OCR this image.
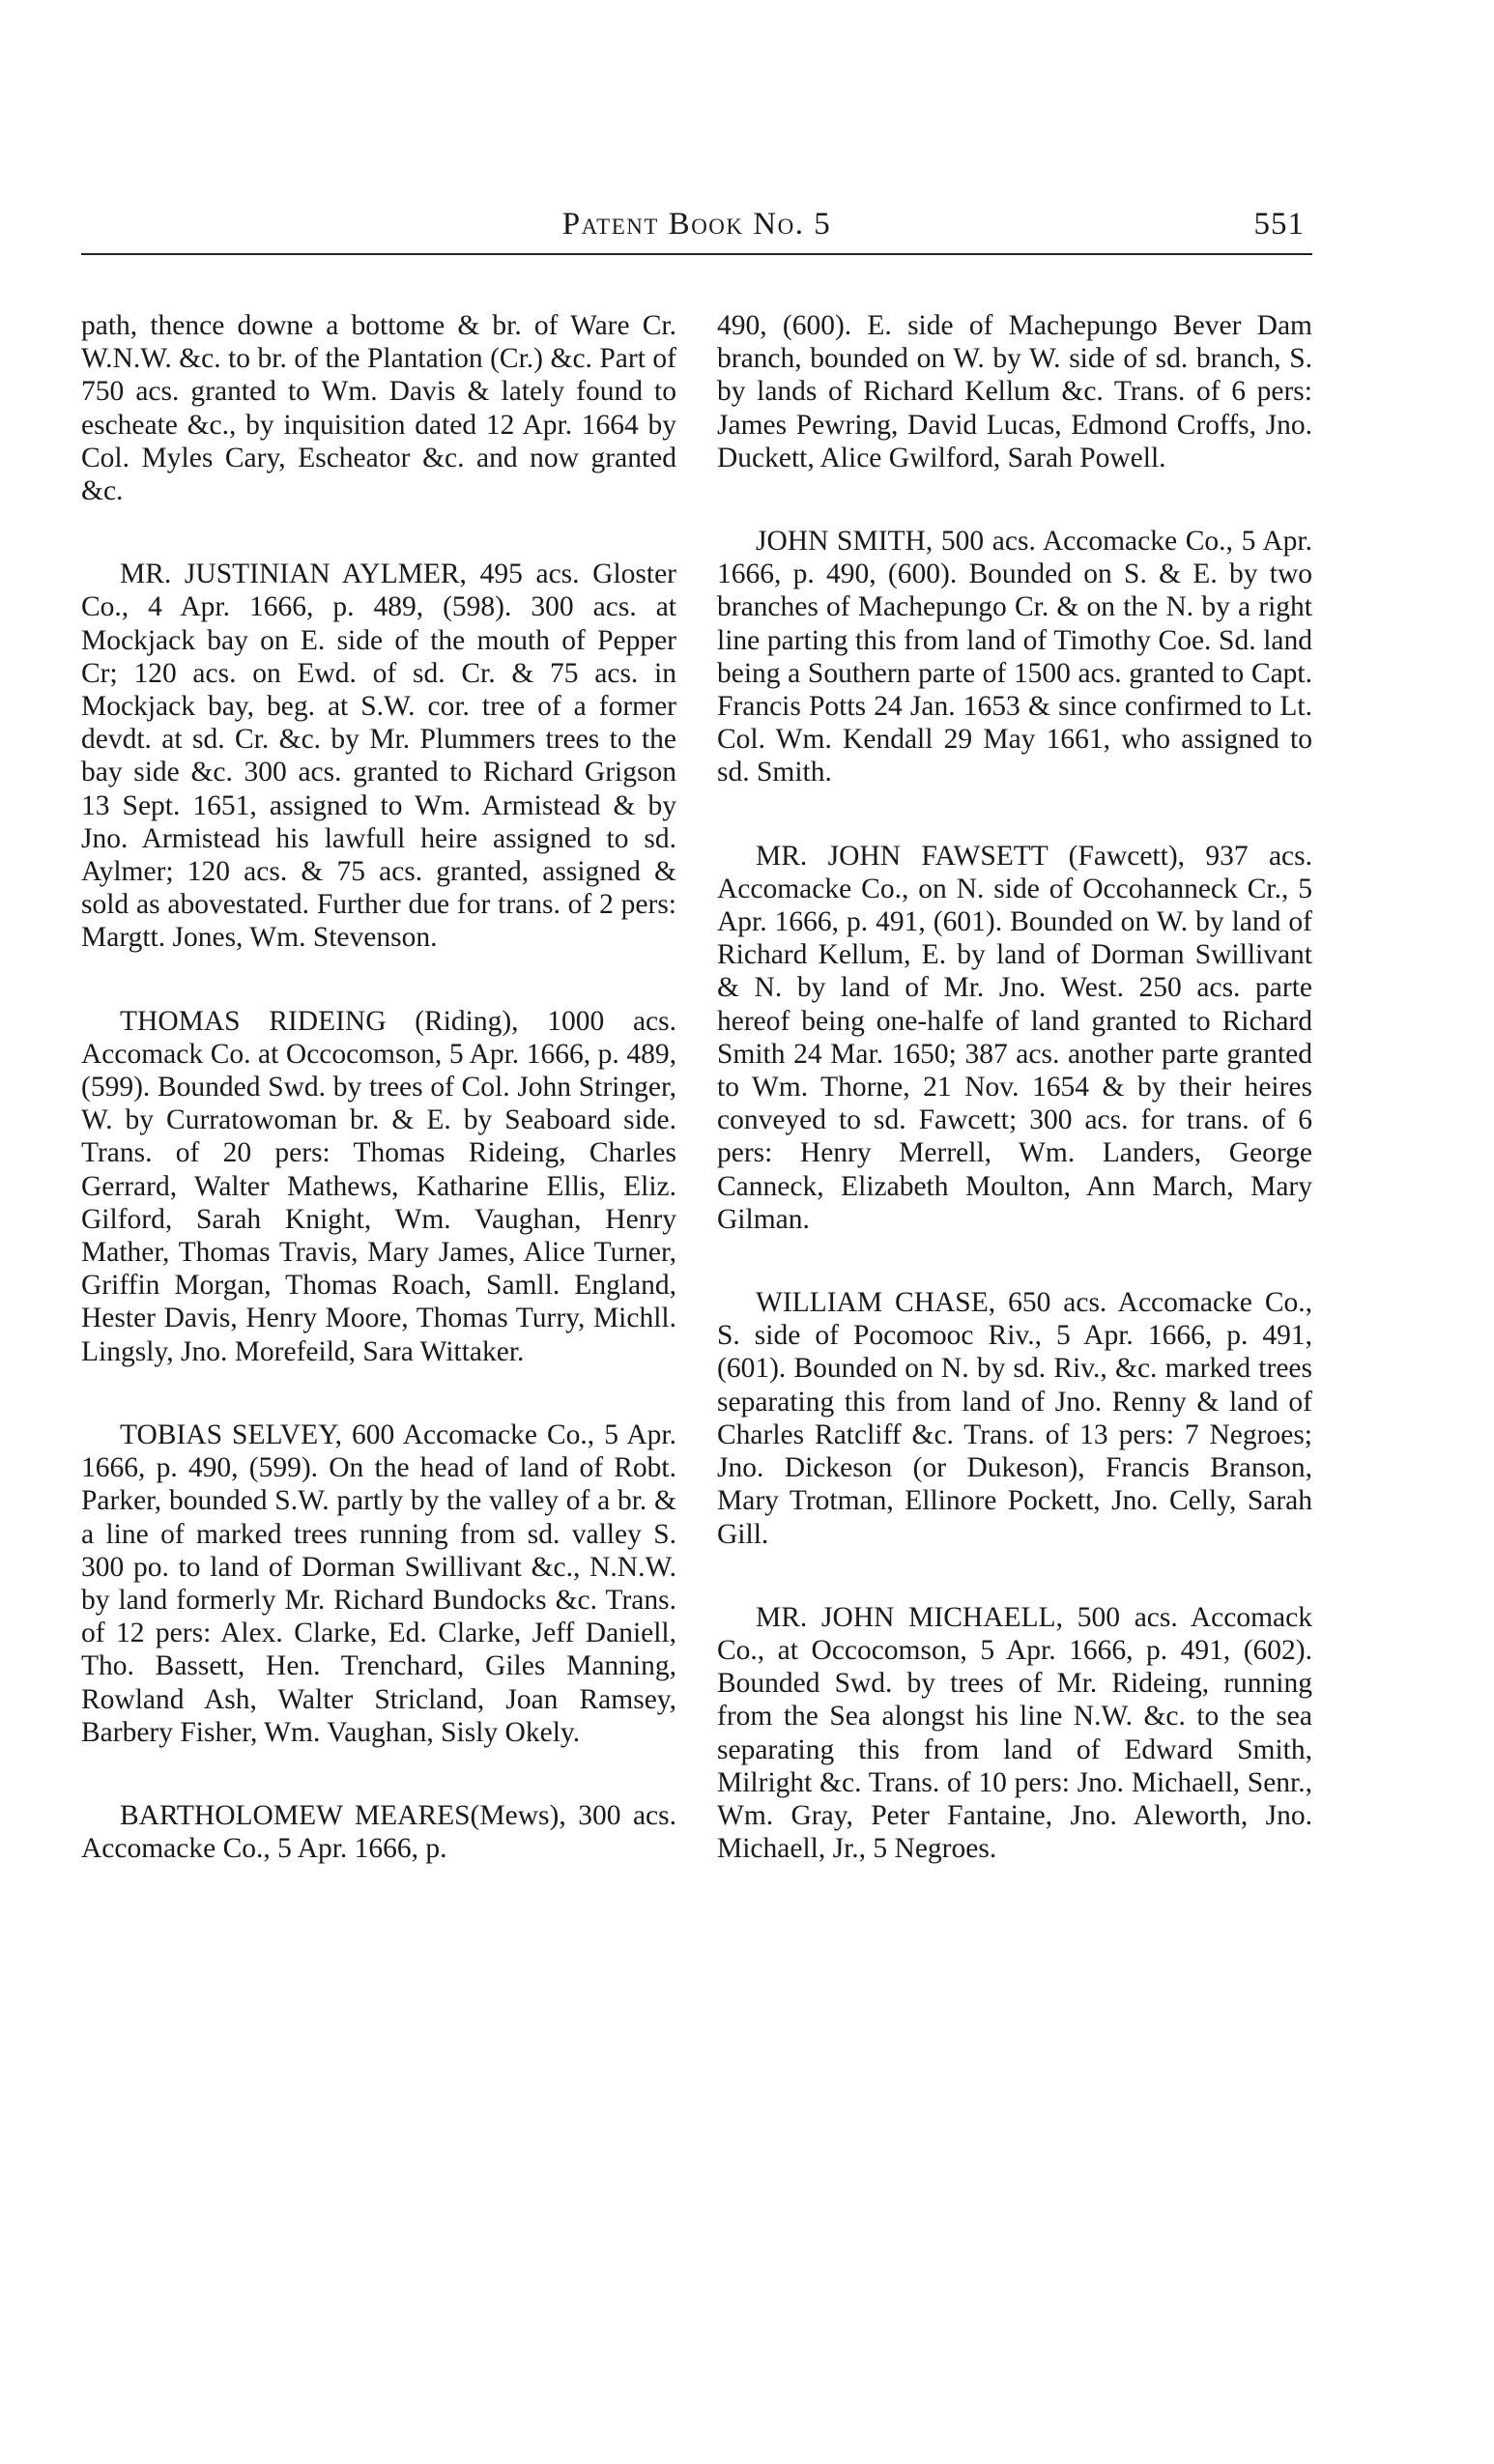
Patent Book No. 5	551

path, thence downe a bottome & br. of Ware Cr. W.N.W. &c. to br. of the Plantation (Cr.) &c. Part of 750 acs. granted to Wm. Davis & lately found to escheate &c., by inquisition dated 12 Apr. 1664 by Col. Myles Cary, Escheator &c. and now granted &c.

MR. JUSTINIAN AYLMER, 495 acs. Gloster Co., 4 Apr. 1666, p. 489, (598). 300 acs. at Mockjack bay on E. side of the mouth of Pepper Cr; 120 acs. on Ewd. of sd. Cr. & 75 acs. in Mockjack bay, beg. at S.W. cor. tree of a former devdt. at sd. Cr. &c. by Mr. Plummers trees to the bay side &c. 300 acs. granted to Richard Grigson 13 Sept. 1651, assigned to Wm. Armistead & by Jno. Armistead his lawfull heire assigned to sd. Aylmer; 120 acs. & 75 acs. granted, assigned & sold as abovestated. Further due for trans. of 2 pers: Margtt. Jones, Wm. Stevenson.

THOMAS RIDEING (Riding), 1000 acs. Accomack Co. at Occocomson, 5 Apr. 1666, p. 489, (599). Bounded Swd. by trees of Col. John Stringer, W. by Curratowoman br. & E. by Seaboard side. Trans. of 20 pers: Thomas Rideing, Charles Gerrard, Walter Mathews, Katharine Ellis, Eliz. Gilford, Sarah Knight, Wm. Vaughan, Henry Mather, Thomas Travis, Mary James, Alice Turner, Griffin Morgan, Thomas Roach, Samll. England, Hester Davis, Henry Moore, Thomas Turry, Michll. Lingsly, Jno. Morefeild, Sara Wittaker.

TOBIAS SELVEY, 600 Accomacke Co., 5 Apr. 1666, p. 490, (599). On the head of land of Robt. Parker, bounded S.W. partly by the valley of a br. & a line of marked trees running from sd. valley S. 300 po. to land of Dorman Swillivant &c., N.N.W. by land formerly Mr. Richard Bundocks &c. Trans. of 12 pers: Alex. Clarke, Ed. Clarke, Jeff Daniell, Tho. Bassett, Hen. Trenchard, Giles Manning, Rowland Ash, Walter Stricland, Joan Ramsey, Barbery Fisher, Wm. Vaughan, Sisly Okely.

BARTHOLOMEW MEARES(Mews), 300 acs. Accomacke Co., 5 Apr. 1666, p.

490, (600). E. side of Machepungo Bever Dam branch, bounded on W. by W. side of sd. branch, S. by lands of Richard Kellum &c. Trans. of 6 pers: James Pewring, David Lucas, Edmond Croffs, Jno. Duckett, Alice Gwilford, Sarah Powell.

JOHN SMITH, 500 acs. Accomacke Co., 5 Apr. 1666, p. 490, (600). Bounded on S. & E. by two branches of Machepungo Cr. & on the N. by a right line parting this from land of Timothy Coe. Sd. land being a Southern parte of 1500 acs. granted to Capt. Francis Potts 24 Jan. 1653 & since confirmed to Lt. Col. Wm. Kendall 29 May 1661, who assigned to sd. Smith.

MR. JOHN FAWSETT (Fawcett), 937 acs. Accomacke Co., on N. side of Occohanneck Cr., 5 Apr. 1666, p. 491, (601). Bounded on W. by land of Richard Kellum, E. by land of Dorman Swillivant & N. by land of Mr. Jno. West. 250 acs. parte hereof being one-halfe of land granted to Richard Smith 24 Mar. 1650; 387 acs. another parte granted to Wm. Thorne, 21 Nov. 1654 & by their heires conveyed to sd. Fawcett; 300 acs. for trans. of 6 pers: Henry Merrell, Wm. Landers, George Canneck, Elizabeth Moulton, Ann March, Mary Gilman.

WILLIAM CHASE, 650 acs. Accomacke Co., S. side of Pocomooc Riv., 5 Apr. 1666, p. 491, (601). Bounded on N. by sd. Riv., &c. marked trees separating this from land of Jno. Renny & land of Charles Ratcliff &c. Trans. of 13 pers: 7 Negroes; Jno. Dickeson (or Dukeson), Francis Branson, Mary Trotman, Ellinore Pockett, Jno. Celly, Sarah Gill.

MR. JOHN MICHAELL, 500 acs. Accomack Co., at Occocomson, 5 Apr. 1666, p. 491, (602). Bounded Swd. by trees of Mr. Rideing, running from the Sea alongst his line N.W. &c. to the sea separating this from land of Edward Smith, Milright &c. Trans. of 10 pers: Jno. Michaell, Senr., Wm. Gray, Peter Fantaine, Jno. Aleworth, Jno. Michaell, Jr., 5 Negroes.
